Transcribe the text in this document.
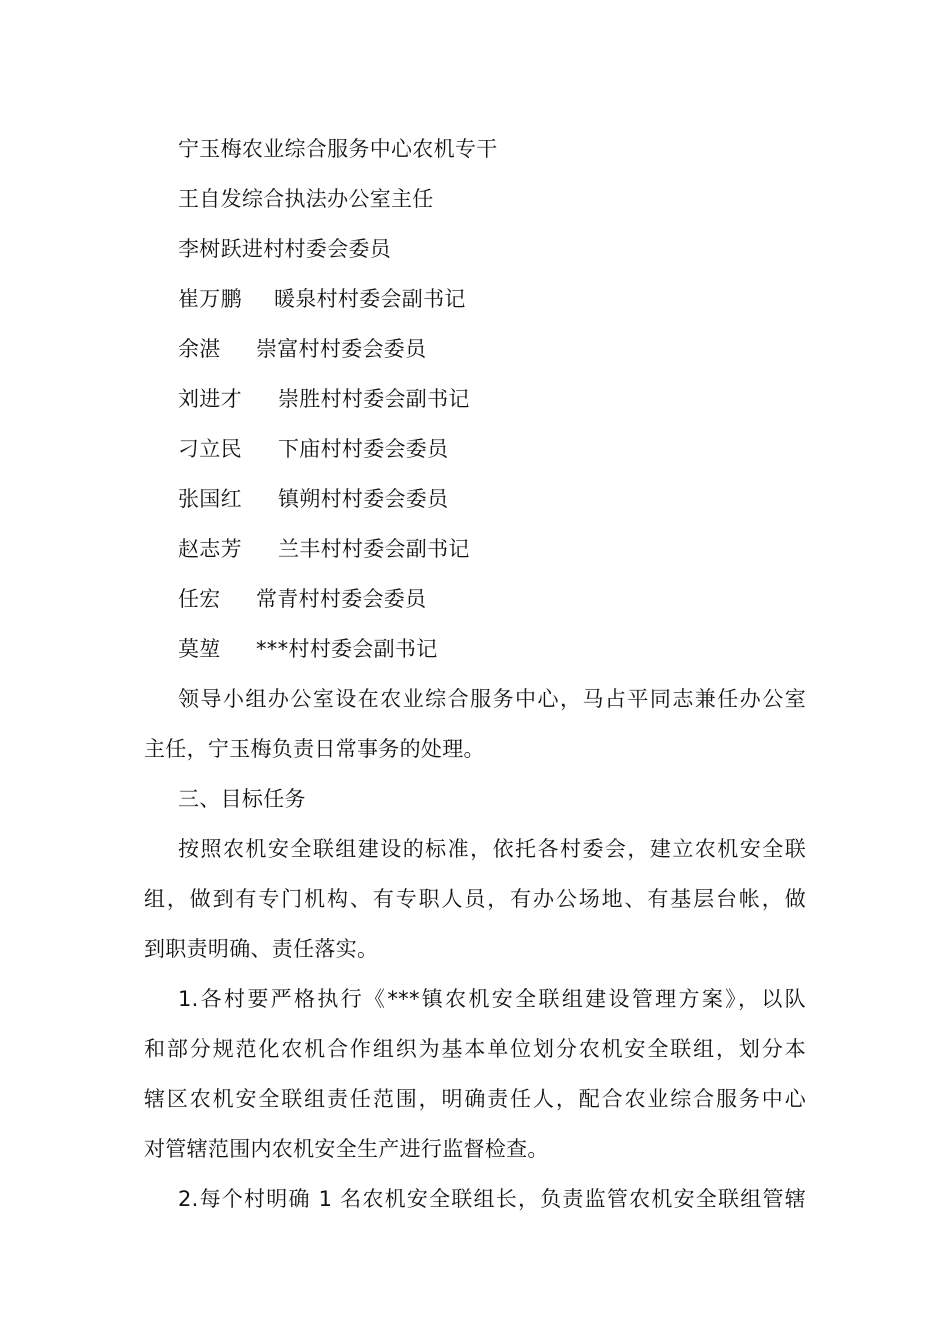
宁玉梅农业综合服务中心农机专干
王自发综合执法办公室主任
李树跃进村村委会委员
崔万鹏 暖泉村村委会副书记
余湛 崇富村村委会委员
刘进才 崇胜村村委会副书记
刁立民 下庙村村委会委员
张国红 镇朔村村委会委员
赵志芳 兰丰村村委会副书记
任宏 常青村村委会委员
莫堃 ***村村委会副书记
领导小组办公室设在农业综合服务中心，马占平同志兼任办公室
主任，宁玉梅负责日常事务的处理。
三、目标任务
按照农机安全联组建设的标准，依托各村委会，建立农机安全联
组，做到有专门机构、有专职人员，有办公场地、有基层台帐，做
到职责明确、责任落实。
1.各村要严格执行《***镇农机安全联组建设管理方案》，以队
和部分规范化农机合作组织为基本单位划分农机安全联组，划分本
辖区农机安全联组责任范围，明确责任人，配合农业综合服务中心
对管辖范围内农机安全生产进行监督检查。
2.每个村明确 1 名农机安全联组长，负责监管农机安全联组管辖
